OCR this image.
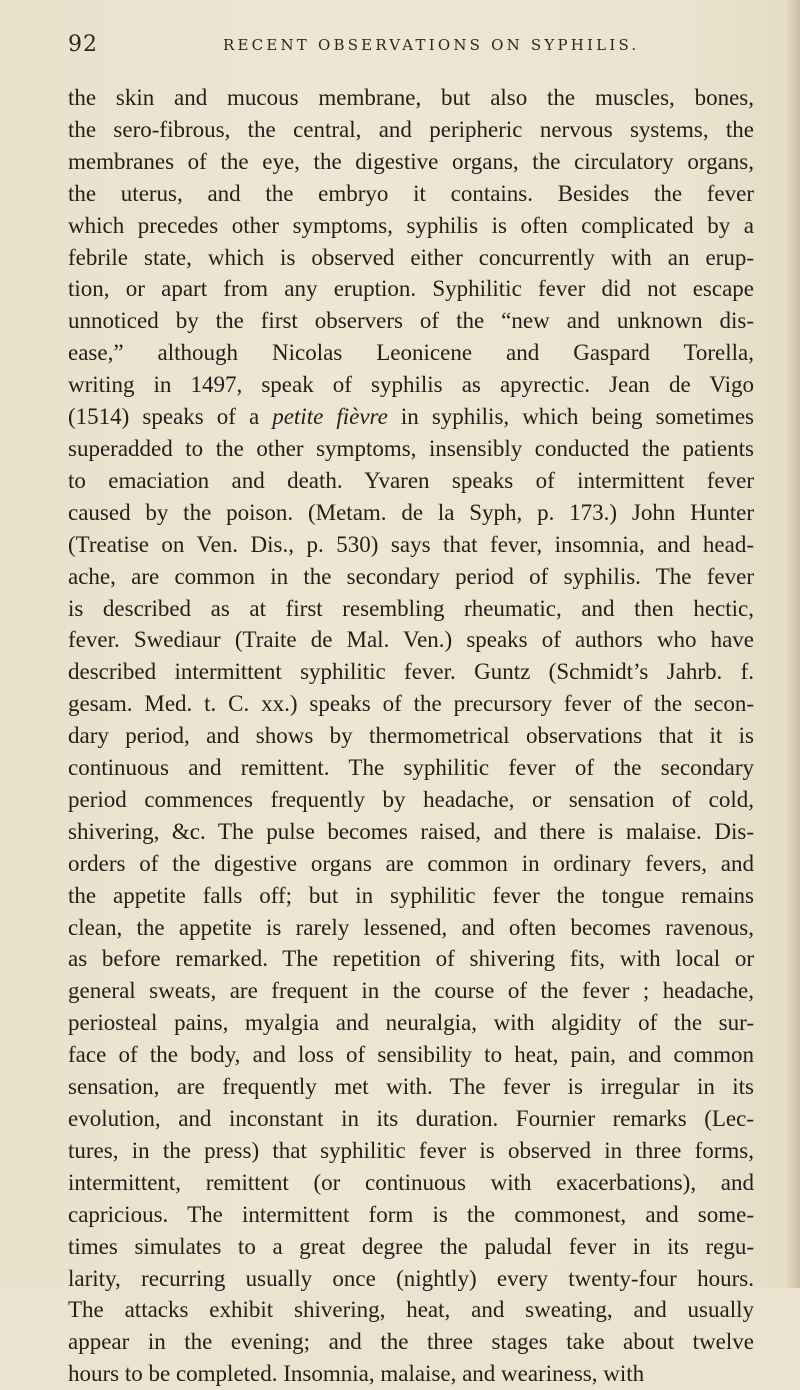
92	RECENT OBSERVATIONS ON SYPHILIS.
the skin and mucous membrane, but also the muscles, bones,
the sero-fibrous, the central, and peripheric nervous systems, the
membranes of the eye, the digestive organs, the circulatory organs,
the uterus, and the embryo it contains. Besides the fever
which precedes other symptoms, syphilis is often complicated by a
febrile state, which is observed either concurrently with an erup-
tion, or apart from any eruption. Syphilitic fever did not escape
unnoticed by the first observers of the “new and unknown dis-
ease,” although Nicolas Leonicene and Gaspard Torella,
writing in 1497, speak of syphilis as apyrectic. Jean de Vigo
(1514) speaks of a petite fièvre in syphilis, which being sometimes
superadded to the other symptoms, insensibly conducted the patients
to emaciation and death. Yvaren speaks of intermittent fever
caused by the poison. (Metam. de la Syph, p. 173.) John Hunter
(Treatise on Ven. Dis., p. 530) says that fever, insomnia, and head-
ache, are common in the secondary period of syphilis. The fever
is described as at first resembling rheumatic, and then hectic,
fever. Swediaur (Traite de Mal. Ven.) speaks of authors who have
described intermittent syphilitic fever. Guntz (Schmidt’s Jahrb. f.
gesam. Med. t. C. xx.) speaks of the precursory fever of the secon-
dary period, and shows by thermometrical observations that it is
continuous and remittent. The syphilitic fever of the secondary
period commences frequently by headache, or sensation of cold,
shivering, &c. The pulse becomes raised, and there is malaise. Dis-
orders of the digestive organs are common in ordinary fevers, and
the appetite falls off; but in syphilitic fever the tongue remains
clean, the appetite is rarely lessened, and often becomes ravenous,
as before remarked. The repetition of shivering fits, with local or
general sweats, are frequent in the course of the fever ; headache,
periosteal pains, myalgia and neuralgia, with algidity of the sur-
face of the body, and loss of sensibility to heat, pain, and common
sensation, are frequently met with. The fever is irregular in its
evolution, and inconstant in its duration. Fournier remarks (Lec-
tures, in the press) that syphilitic fever is observed in three forms,
intermittent, remittent (or continuous with exacerbations), and
capricious. The intermittent form is the commonest, and some-
times simulates to a great degree the paludal fever in its regu-
larity, recurring usually once (nightly) every twenty-four hours.
The attacks exhibit shivering, heat, and sweating, and usually
appear in the evening; and the three stages take about twelve
hours to be completed. Insomnia, malaise, and weariness, with
